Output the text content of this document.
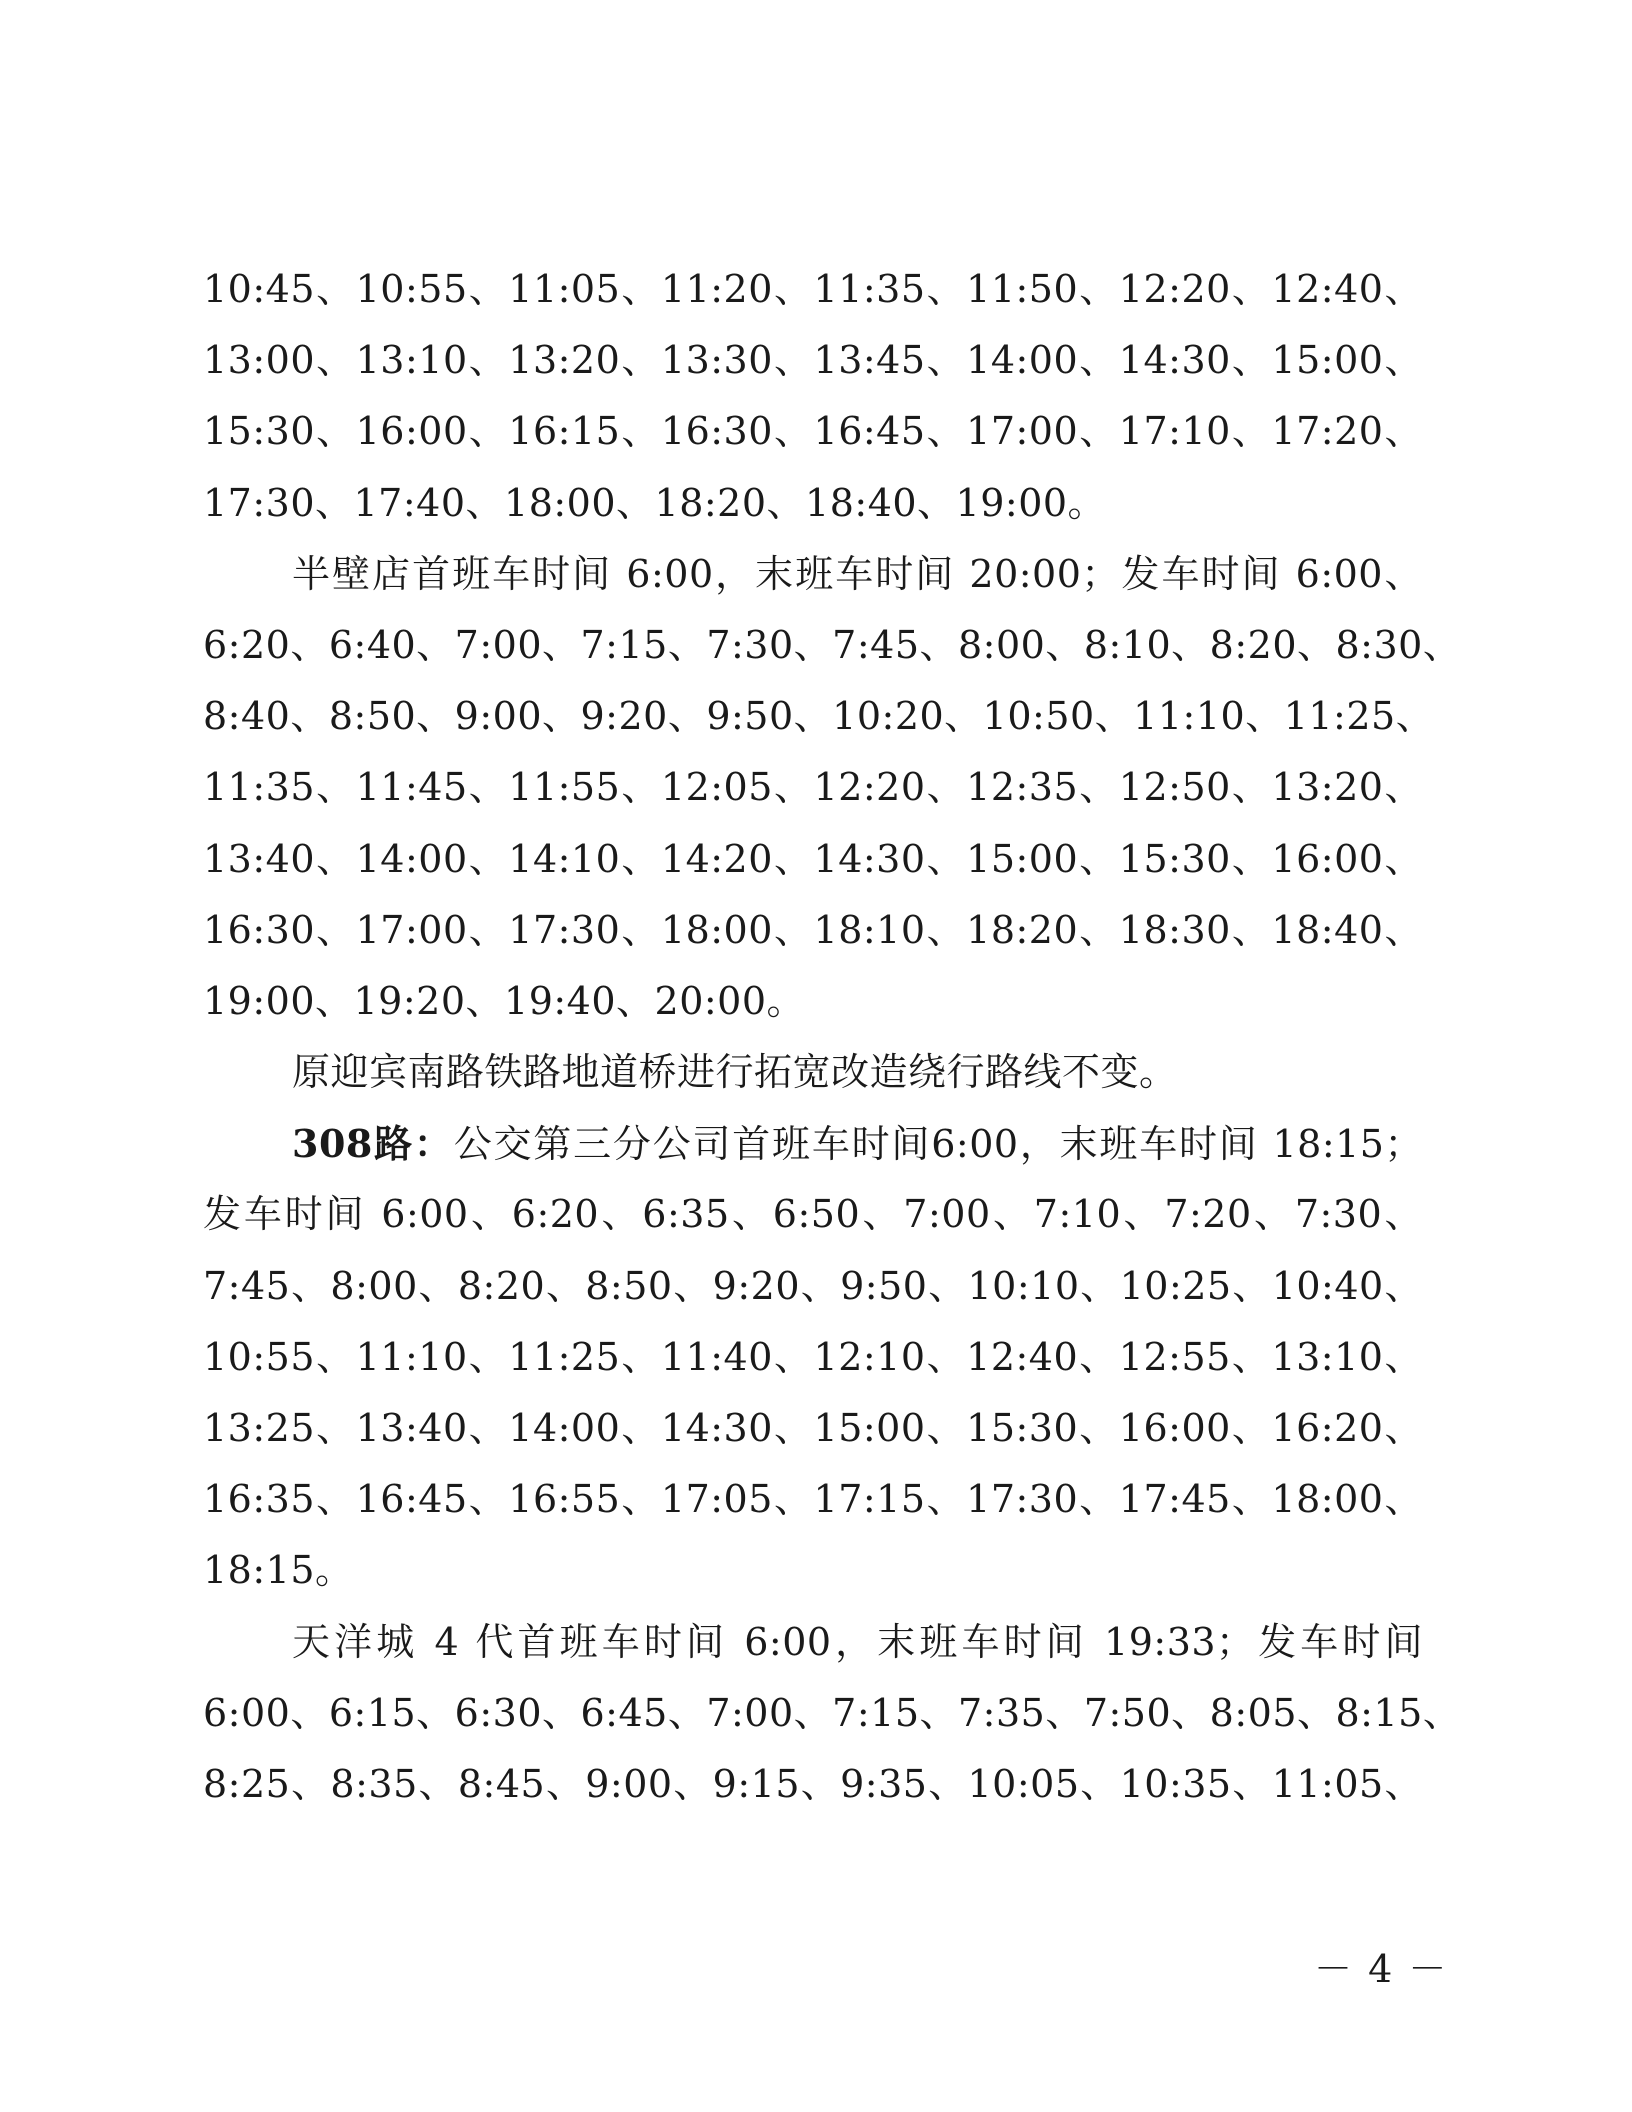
10:45、10:55、11:05、11:20、11:35、11:50、12:20、12:40、
13:00、13:10、13:20、13:30、13:45、14:00、14:30、15:00、
15:30、16:00、16:15、16:30、16:45、17:00、17:10、17:20、
17:30、17:40、18:00、18:20、18:40、19:00。
半壁店首班车时间 6:00，末班车时间 20:00；发车时间 6:00、
6:20、6:40、7:00、7:15、7:30、7:45、8:00、8:10、8:20、8:30、
8:40、8:50、9:00、9:20、9:50、10:20、10:50、11:10、11:25、
11:35、11:45、11:55、12:05、12:20、12:35、12:50、13:20、
13:40、14:00、14:10、14:20、14:30、15:00、15:30、16:00、
16:30、17:00、17:30、18:00、18:10、18:20、18:30、18:40、
19:00、19:20、19:40、20:00。
原迎宾南路铁路地道桥进行拓宽改造绕行路线不变。
308路：公交第三分公司首班车时间6:00，末班车时间 18:15；
发车时间 6:00、6:20、6:35、6:50、7:00、7:10、7:20、7:30、
7:45、8:00、8:20、8:50、9:20、9:50、10:10、10:25、10:40、
10:55、11:10、11:25、11:40、12:10、12:40、12:55、13:10、
13:25、13:40、14:00、14:30、15:00、15:30、16:00、16:20、
16:35、16:45、16:55、17:05、17:15、17:30、17:45、18:00、
18:15。
天洋城 4 代首班车时间 6:00，末班车时间 19:33；发车时间
6:00、6:15、6:30、6:45、7:00、7:15、7:35、7:50、8:05、8:15、
8:25、8:35、8:45、9:00、9:15、9:35、10:05、10:35、11:05、
－ 4 －
